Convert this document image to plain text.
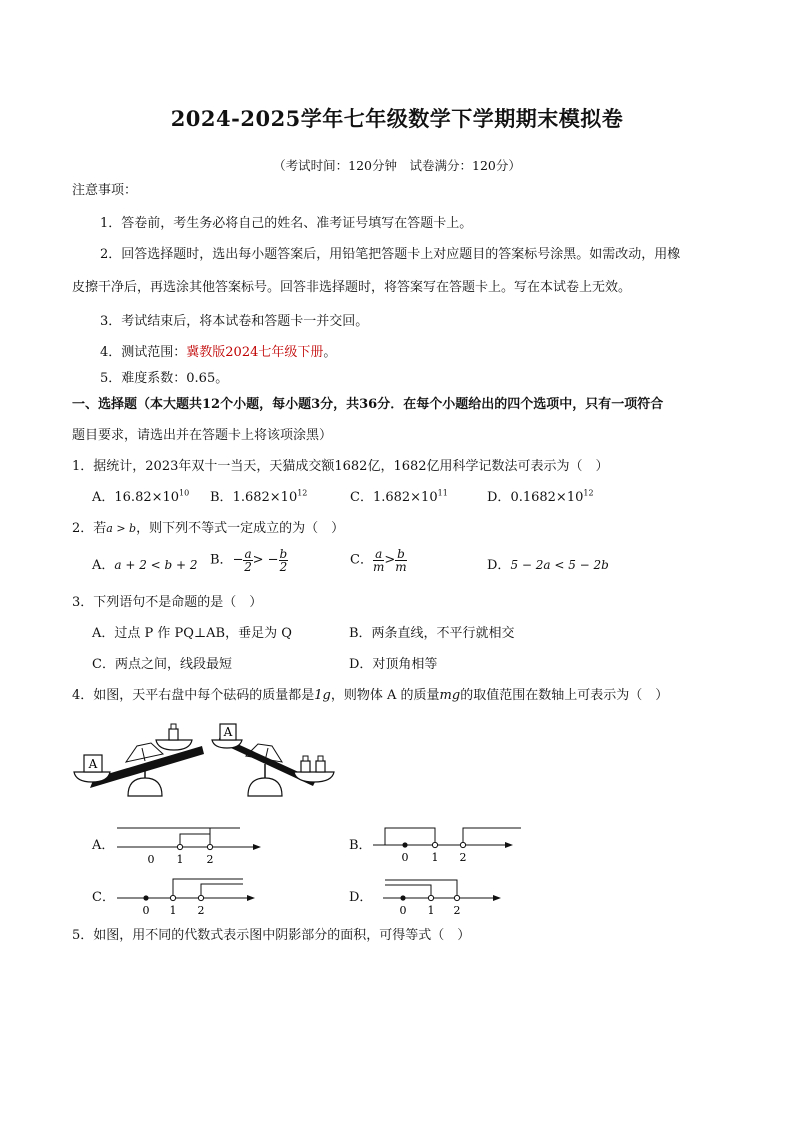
2024-2025学年七年级数学下学期期末模拟卷
（考试时间：120分钟　试卷满分：120分）
注意事项：
1．答卷前，考生务必将自己的姓名、准考证号填写在答题卡上。
2．回答选择题时，选出每小题答案后，用铅笔把答题卡上对应题目的答案标号涂黑。如需改动，用橡
皮擦干净后，再选涂其他答案标号。回答非选择题时，将答案写在答题卡上。写在本试卷上无效。
3．考试结束后，将本试卷和答题卡一并交回。
4．测试范围：冀教版2024七年级下册。
5．难度系数：0.65。
一、选择题（本大题共12个小题，每小题3分，共36分．在每个小题给出的四个选项中，只有一项符合
题目要求，请选出并在答题卡上将该项涂黑）
1．据统计，2023年双十一当天，天猫成交额1682亿，1682亿用科学记数法可表示为（　）
A．$16.82\times 10^{10}$ B．$1.682\times 10^{12}$	C．$1.682\times 10^{11}$	D．$0.1682\times 10^{12}$
2．若a > b，则下列不等式一定成立的为（　）
A．a + 2 < b + 2 B．− $\frac{a}{2}$ > − $\frac{b}{2}$	C． $\frac{a}{m} > \frac{b}{m}$	D．5 − 2a < 5 − 2b
3．下列语句不是命题的是（　）
A．过点 P 作 PQ⊥AB，垂足为 Q	B．两条直线，不平行就相交
C．两点之间，线段最短	D．对顶角相等
4．如图，天平右盘中每个砝码的质量都是1g，则物体 A 的质量mg的取值范围在数轴上可表示为（　）
A
A
A．
0 1 2
B．
0 1 2
C．
0 1 2
D．
0 1 2
5．如图，用不同的代数式表示图中阴影部分的面积，可得等式（　）
